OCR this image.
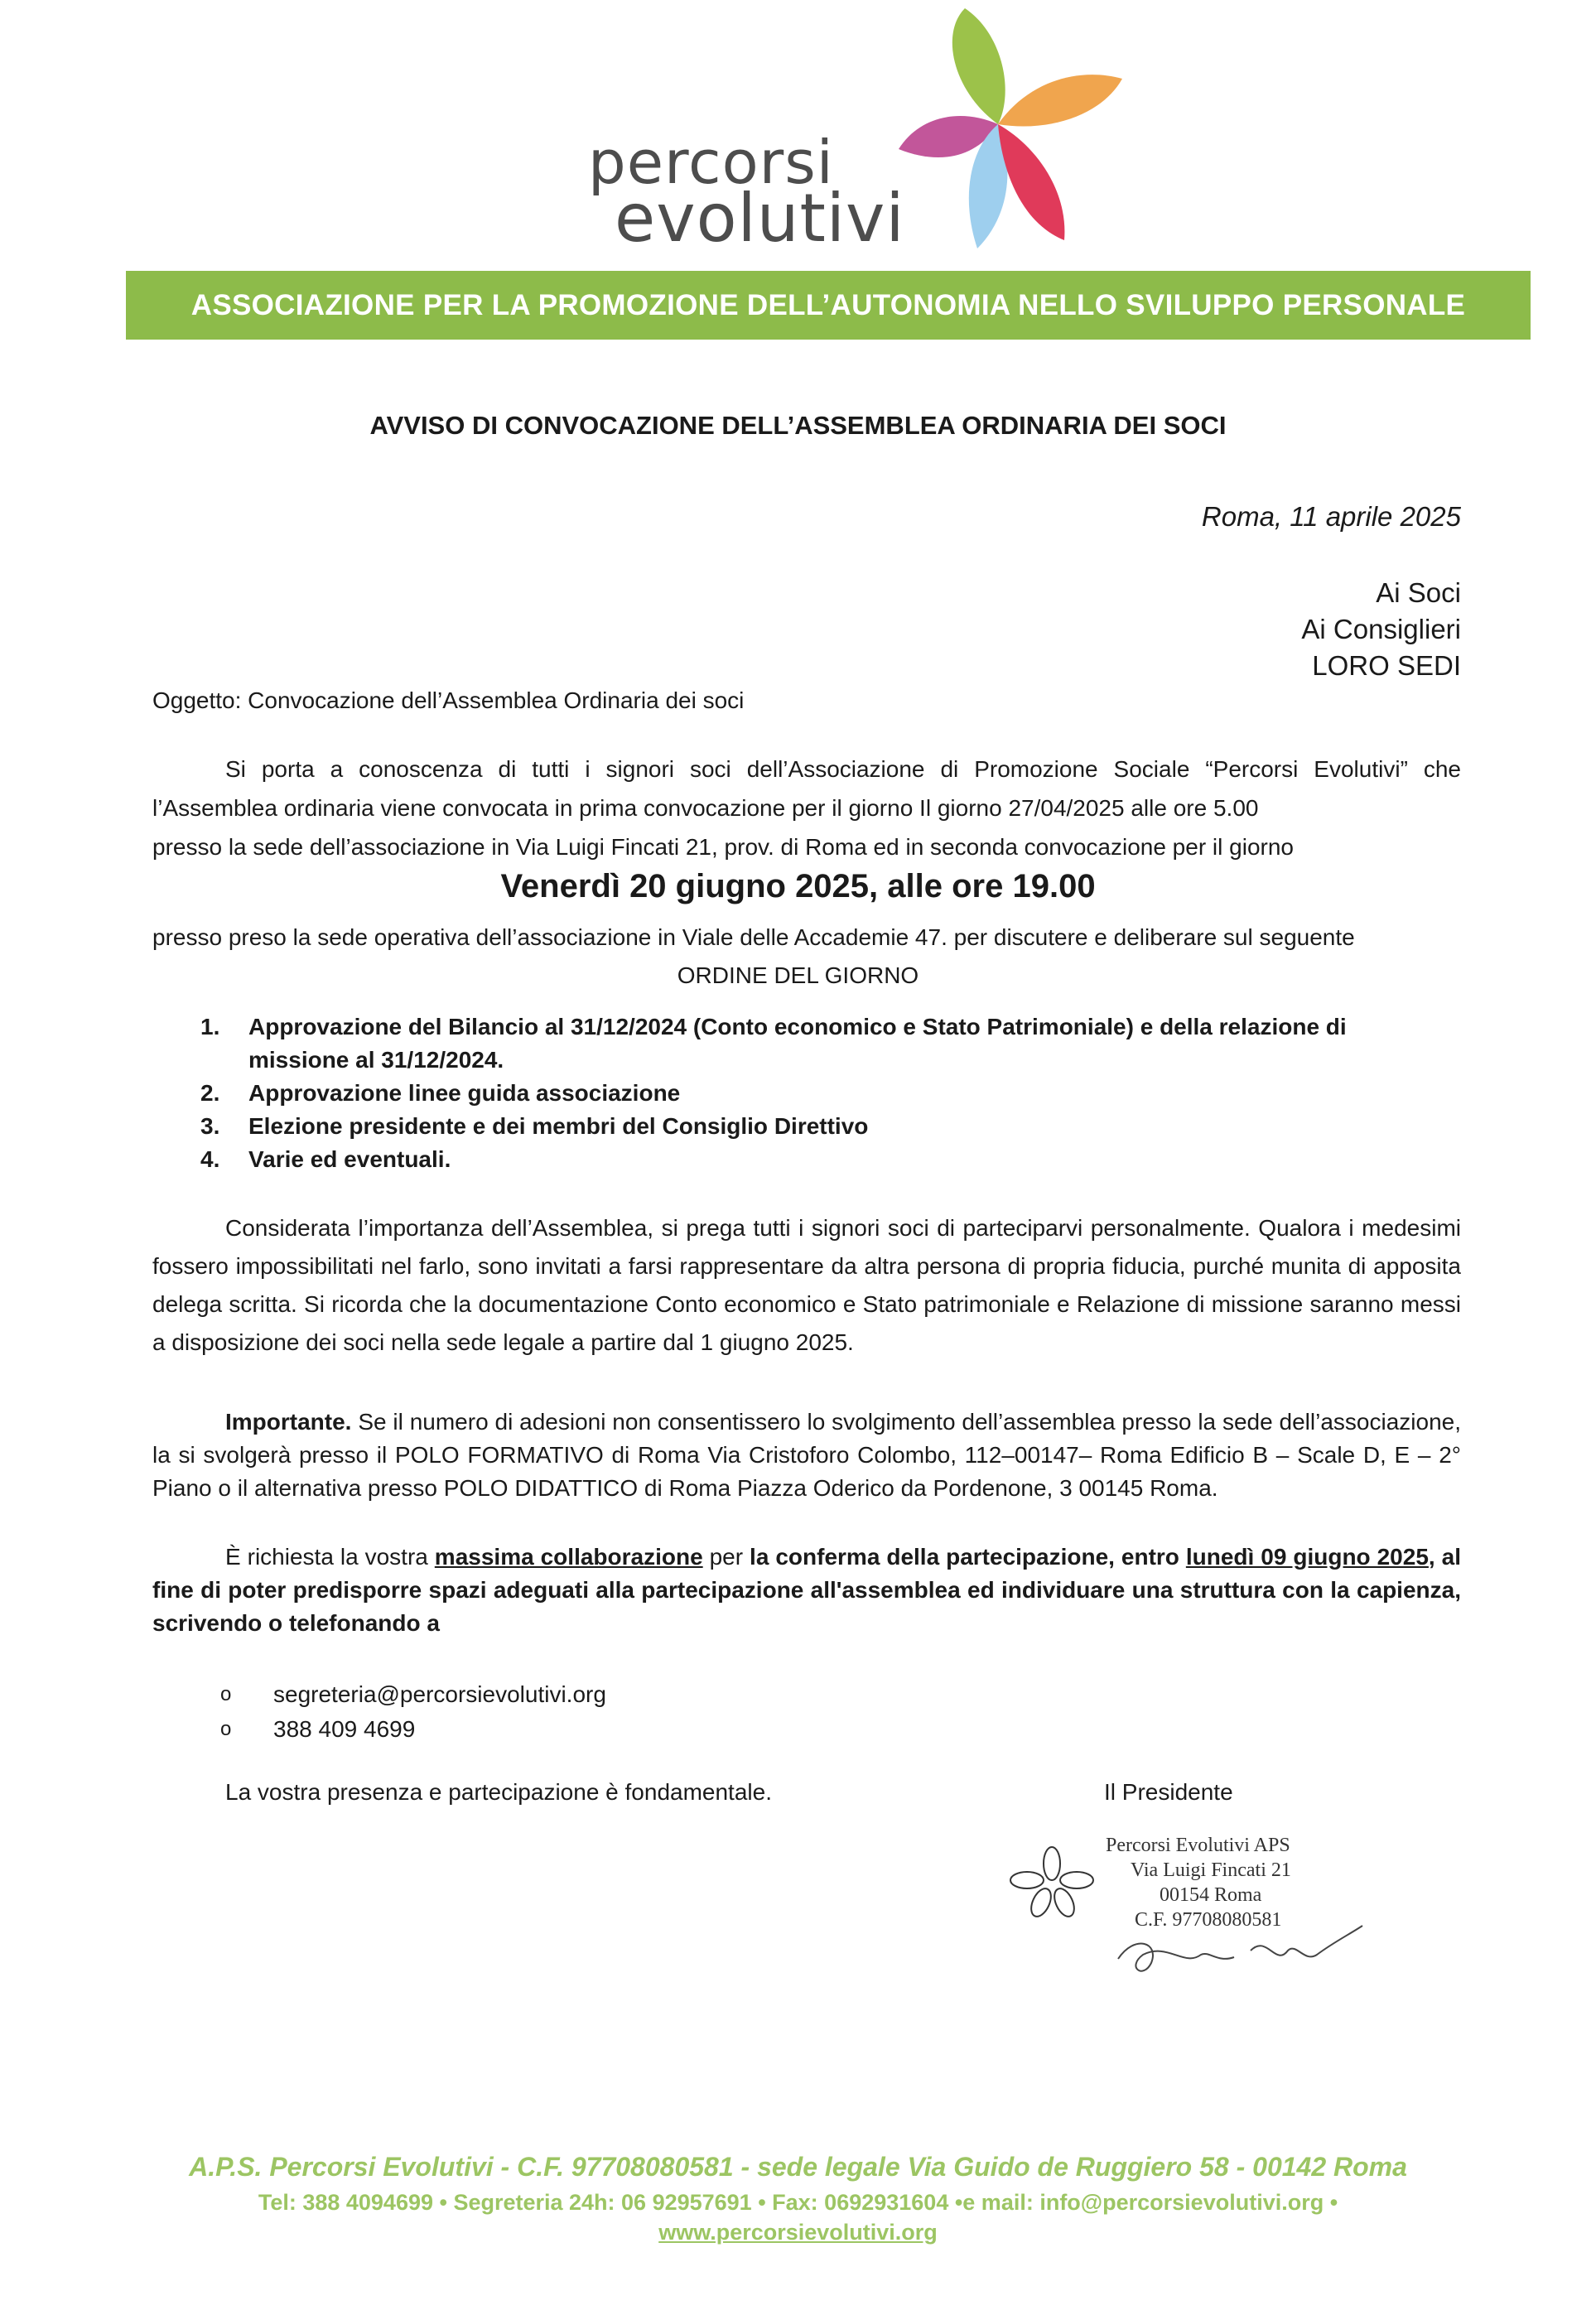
percorsi
evolutivi
ASSOCIAZIONE PER LA PROMOZIONE DELL’AUTONOMIA NELLO SVILUPPO PERSONALE
AVVISO DI CONVOCAZIONE DELL’ASSEMBLEA ORDINARIA DEI SOCI
Roma, 11 aprile 2025
Ai Soci
Ai Consiglieri
LORO SEDI
Oggetto: Convocazione dell’Assemblea Ordinaria dei soci
Si porta a conoscenza di tutti i signori soci dell’Associazione di Promozione Sociale “Percorsi Evolutivi” che
l’Assemblea ordinaria viene convocata in prima convocazione per il giorno Il giorno 27/04/2025 alle ore 5.00
presso la sede dell’associazione in Via Luigi Fincati 21, prov. di Roma ed in seconda convocazione per il giorno
Venerdì 20 giugno 2025, alle ore 19.00
presso preso la sede operativa dell’associazione in Viale delle Accademie 47. per discutere e deliberare sul seguente
ORDINE DEL GIORNO
1. Approvazione del Bilancio al 31/12/2024 (Conto economico e Stato Patrimoniale) e della relazione di missione al 31/12/2024.
2. Approvazione linee guida associazione
3. Elezione presidente e dei membri del Consiglio Direttivo
4. Varie ed eventuali.
Considerata l’importanza dell’Assemblea, si prega tutti i signori soci di parteciparvi personalmente. Qualora i medesimi fossero impossibilitati nel farlo, sono invitati a farsi rappresentare da altra persona di propria fiducia, purché munita di apposita delega scritta. Si ricorda che la documentazione Conto economico e Stato patrimoniale e Relazione di missione saranno messi a disposizione dei soci nella sede legale a partire dal 1 giugno 2025.
Importante. Se il numero di adesioni non consentissero lo svolgimento dell’assemblea presso la sede dell’associazione, la si svolgerà presso il POLO FORMATIVO di Roma Via Cristoforo Colombo, 112–00147– Roma Edificio B – Scale D, E – 2° Piano o il alternativa presso POLO DIDATTICO di Roma Piazza Oderico da Pordenone, 3 00145 Roma.
È richiesta la vostra massima collaborazione per la conferma della partecipazione, entro lunedì 09 giugno 2025, al fine di poter predisporre spazi adeguati alla partecipazione all'assemblea ed individuare una struttura con la capienza, scrivendo o telefonando a
o segreteria@percorsievolutivi.org
o 388 409 4699
La vostra presenza e partecipazione è fondamentale.	Il Presidente
Percorsi Evolutivi APS
Via Luigi Fincati 21
00154 Roma
C.F. 97708080581
A.P.S. Percorsi Evolutivi - C.F. 97708080581 - sede legale Via Guido de Ruggiero 58 - 00142 Roma
Tel: 388 4094699 • Segreteria 24h: 06 92957691 • Fax: 0692931604 •e mail: info@percorsievolutivi.org •
www.percorsievolutivi.org
